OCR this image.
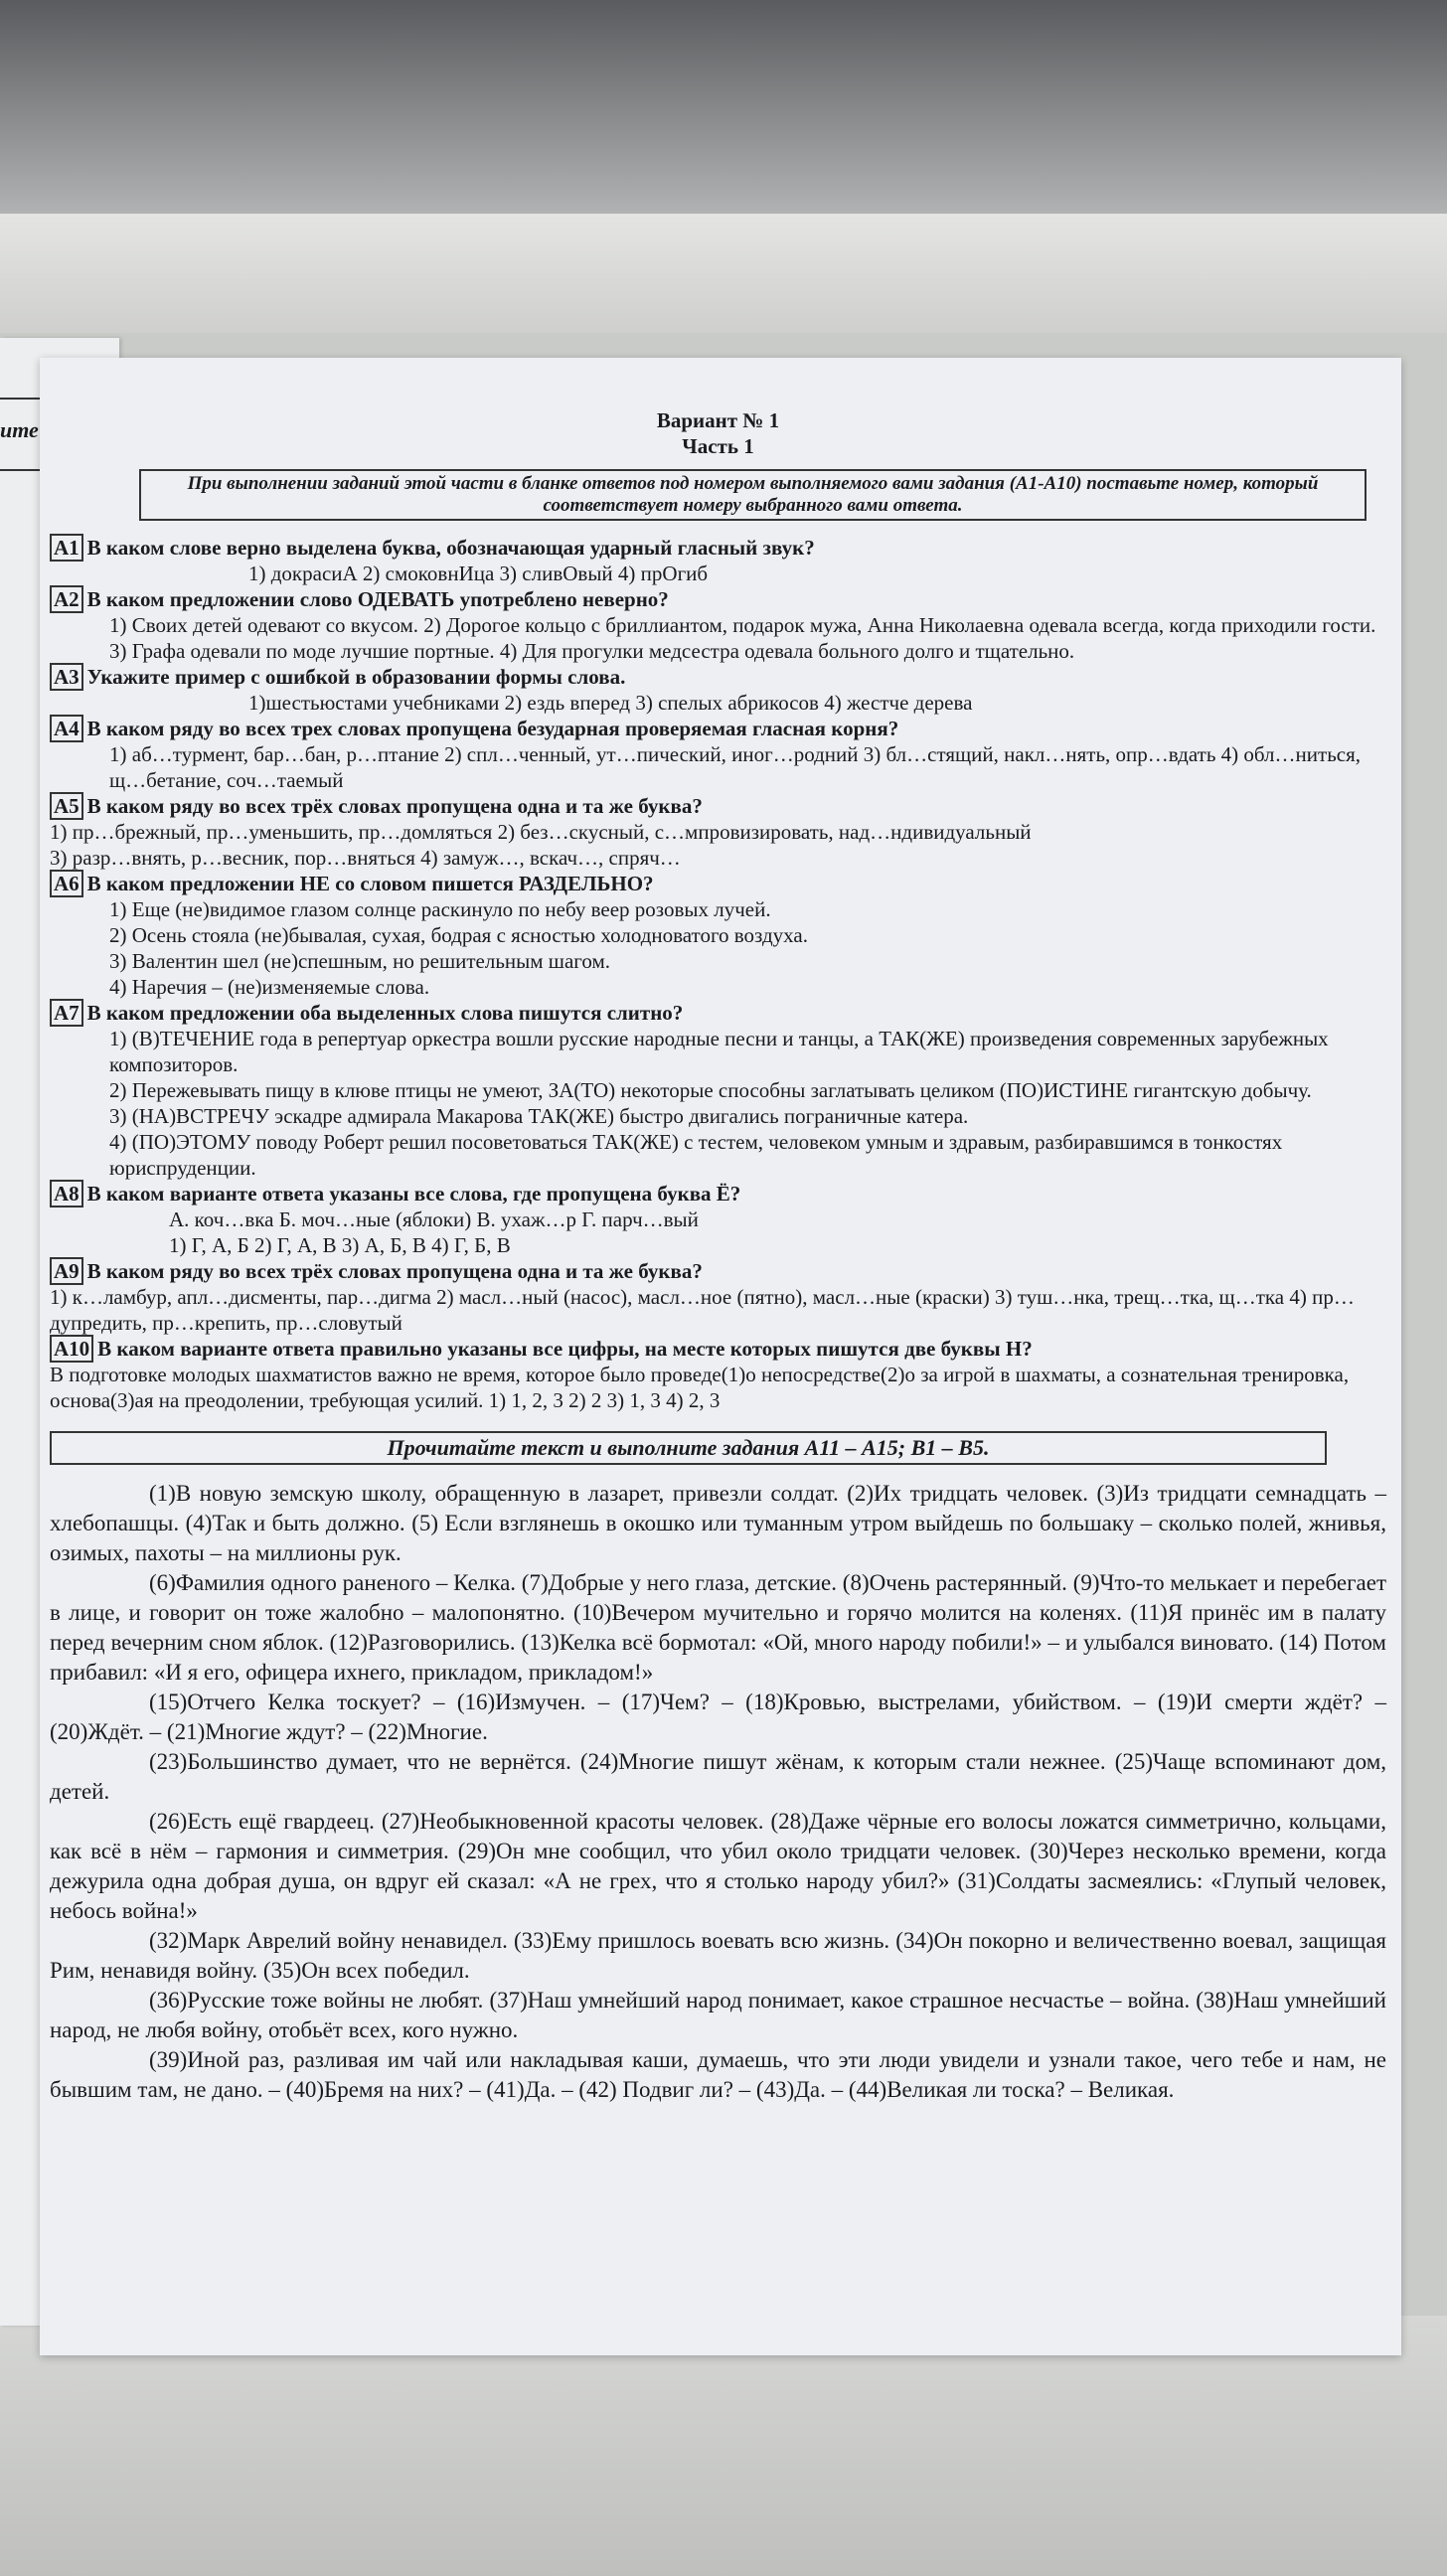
ите	Вариант № 1
Часть 1
При выполнении заданий этой части в бланке ответов под номером выполняемого вами задания (А1-А10) поставьте номер, который соответствует номеру выбранного вами ответа.
А1 В каком слове верно выделена буква, обозначающая ударный гласный звук?
1) докрасиА 2) смоковнИца 3) сливОвый 4) прОгиб
А2 В каком предложении слово ОДЕВАТЬ употреблено неверно?
1) Своих детей одевают со вкусом. 2) Дорогое кольцо с бриллиантом, подарок мужа, Анна Николаевна одевала всегда, когда приходили гости. 3) Графа одевали по моде лучшие портные. 4) Для прогулки медсестра одевала больного долго и тщательно.
А3 Укажите пример с ошибкой в образовании формы слова.
1)шестьюстами учебниками 2) ездь вперед 3) спелых абрикосов 4) жестче дерева
А4 В каком ряду во всех трех словах пропущена безударная проверяемая гласная корня?
1) аб…турмент, бар…бан, р…птание 2) спл…ченный, ут…пический, иног…родний 3) бл…стящий, накл…нять, опр…вдать 4) обл…ниться, щ…бетание, соч…таемый
А5 В каком ряду во всех трёх словах пропущена одна и та же буква?
1) пр…брежный, пр…уменьшить, пр…домляться 2) без…скусный, с…мпровизировать, над…ндивидуальный
3) разр…внять, р…весник, пор…вняться 4) замуж…, вскач…, спряч…
А6 В каком предложении НЕ со словом пишется РАЗДЕЛЬНО?
1) Еще (не)видимое глазом солнце раскинуло по небу веер розовых лучей.
2) Осень стояла (не)бывалая, сухая, бодрая с ясностью холодноватого воздуха.
3) Валентин шел (не)спешным, но решительным шагом.
4) Наречия – (не)изменяемые слова.
А7 В каком предложении оба выделенных слова пишутся слитно?
1) (В)ТЕЧЕНИЕ года в репертуар оркестра вошли русские народные песни и танцы, а ТАК(ЖЕ) произведения современных зарубежных композиторов.
2) Пережевывать пищу в клюве птицы не умеют, ЗА(ТО) некоторые способны заглатывать целиком (ПО)ИСТИНЕ гигантскую добычу.
3) (НА)ВСТРЕЧУ эскадре адмирала Макарова ТАК(ЖЕ) быстро двигались пограничные катера.
4) (ПО)ЭТОМУ поводу Роберт решил посоветоваться ТАК(ЖЕ) с тестем, человеком умным и здравым, разбиравшимся в тонкостях юриспруденции.
А8 В каком варианте ответа указаны все слова, где пропущена буква Ё?
А. коч…вка Б. моч…ные (яблоки) В. ухаж…р Г. парч…вый
1) Г, А, Б 2) Г, А, В 3) А, Б, В 4) Г, Б, В
А9 В каком ряду во всех трёх словах пропущена одна и та же буква?
1) к…ламбур, апл…дисменты, пар…дигма 2) масл…ный (насос), масл…ное (пятно), масл…ные (краски) 3) туш…нка, трещ…тка, щ…тка 4) пр…дупредить, пр…крепить, пр…словутый
А10 В каком варианте ответа правильно указаны все цифры, на месте которых пишутся две буквы Н?
В подготовке молодых шахматистов важно не время, которое было проведе(1)о непосредстве(2)о за игрой в шахматы, а сознательная тренировка, основа(3)ая на преодолении, требующая усилий. 1) 1, 2, 3 2) 2 3) 1, 3 4) 2, 3
Прочитайте текст и выполните задания А11 – А15; В1 – В5.

(1)В новую земскую школу, обращенную в лазарет, привезли солдат. (2)Их тридцать человек. (3)Из тридцати семнадцать – хлебопашцы. (4)Так и быть должно. (5) Если взглянешь в окошко или туманным утром выйдешь по большаку – сколько полей, жнивья, озимых, пахоты – на миллионы рук.

(6)Фамилия одного раненого – Келка. (7)Добрые у него глаза, детские. (8)Очень растерянный. (9)Что-то мелькает и перебегает в лице, и говорит он тоже жалобно – малопонятно. (10)Вечером мучительно и горячо молится на коленях. (11)Я принёс им в палату перед вечерним сном яблок. (12)Разговорились. (13)Келка всё бормотал: «Ой, много народу побили!» – и улыбался виновато. (14) Потом прибавил: «И я его, офицера ихнего, прикладом, прикладом!»

(15)Отчего Келка тоскует? – (16)Измучен. – (17)Чем? – (18)Кровью, выстрелами, убийством. – (19)И смерти ждёт? – (20)Ждёт. – (21)Многие ждут? – (22)Многие.

(23)Большинство думает, что не вернётся. (24)Многие пишут жёнам, к которым стали нежнее. (25)Чаще вспоминают дом, детей.

(26)Есть ещё гвардеец. (27)Необыкновенной красоты человек. (28)Даже чёрные его волосы ложатся симметрично, кольцами, как всё в нём – гармония и симметрия. (29)Он мне сообщил, что убил около тридцати человек. (30)Через несколько времени, когда дежурила одна добрая душа, он вдруг ей сказал: «А не грех, что я столько народу убил?» (31)Солдаты засмеялись: «Глупый человек, небось война!»

(32)Марк Аврелий войну ненавидел. (33)Ему пришлось воевать всю жизнь. (34)Он покорно и величественно воевал, защищая Рим, ненавидя войну. (35)Он всех победил.

(36)Русские тоже войны не любят. (37)Наш умнейший народ понимает, какое страшное несчастье – война. (38)Наш умнейший народ, не любя войну, отобьёт всех, кого нужно.

(39)Иной раз, разливая им чай или накладывая каши, думаешь, что эти люди увидели и узнали такое, чего тебе и нам, не бывшим там, не дано. – (40)Бремя на них? – (41)Да. – (42) Подвиг ли? – (43)Да. – (44)Великая ли тоска? – Великая.
